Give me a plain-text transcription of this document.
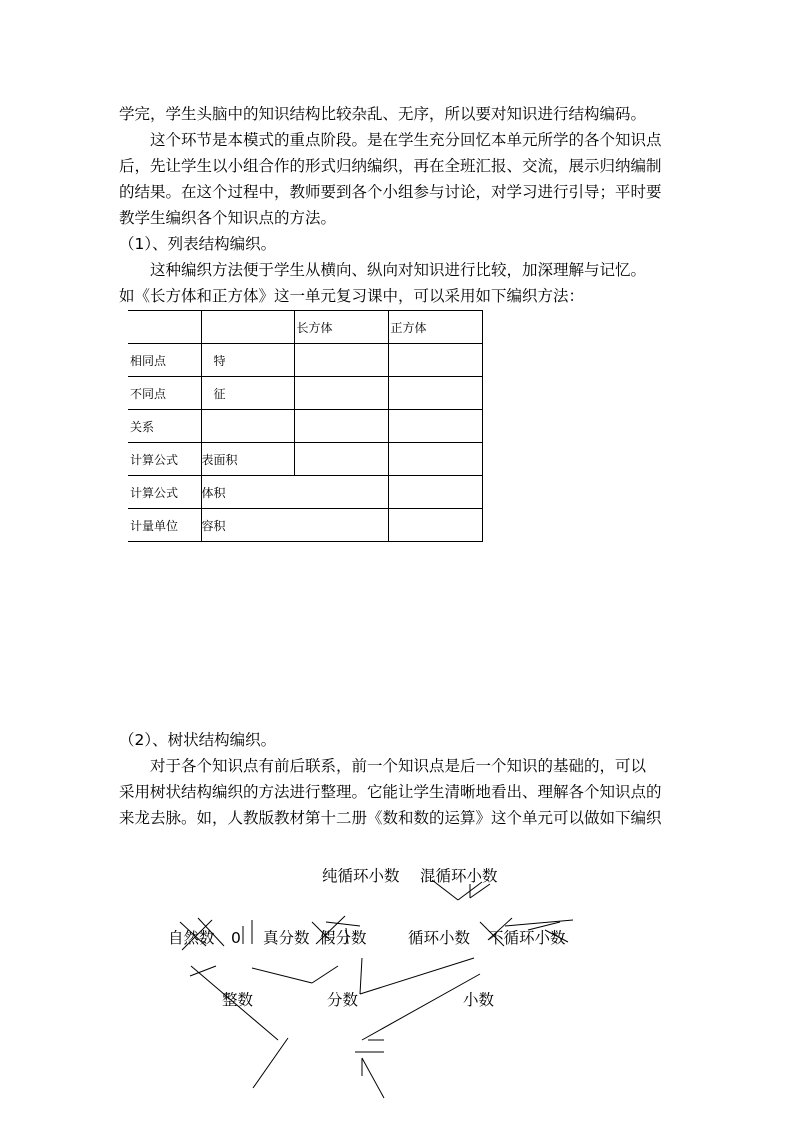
学完，学生头脑中的知识结构比较杂乱、无序，所以要对知识进行结构编码。

　　这个环节是本模式的重点阶段。是在学生充分回忆本单元所学的各个知识点

后，先让学生以小组合作的形式归纳编织，再在全班汇报、交流，展示归纳编制

的结果。在这个过程中，教师要到各个小组参与讨论，对学习进行引导；平时要

教学生编织各个知识点的方法。

（1）、列表结构编织。

　　这种编织方法便于学生从横向、纵向对知识进行比较，加深理解与记忆。

如《长方体和正方体》这一单元复习课中，可以采用如下编织方法：

		长方体	正方体
相同点	特		
不同点	征		
关系			
计算公式	表面积		
计算公式	体积		
计量单位	容积		

（2）、树状结构编织。

　　对于各个知识点有前后联系，前一个知识点是后一个知识的基础的，可以

采用树状结构编织的方法进行整理。它能让学生清晰地看出、理解各个知识点的

来龙去脉。如，人教版教材第十二册《数和数的运算》这个单元可以做如下编织

纯循环小数 混循环小数
自然数 0 真分数 假分数	循环小数 不循环小数
整数	分数	小数
